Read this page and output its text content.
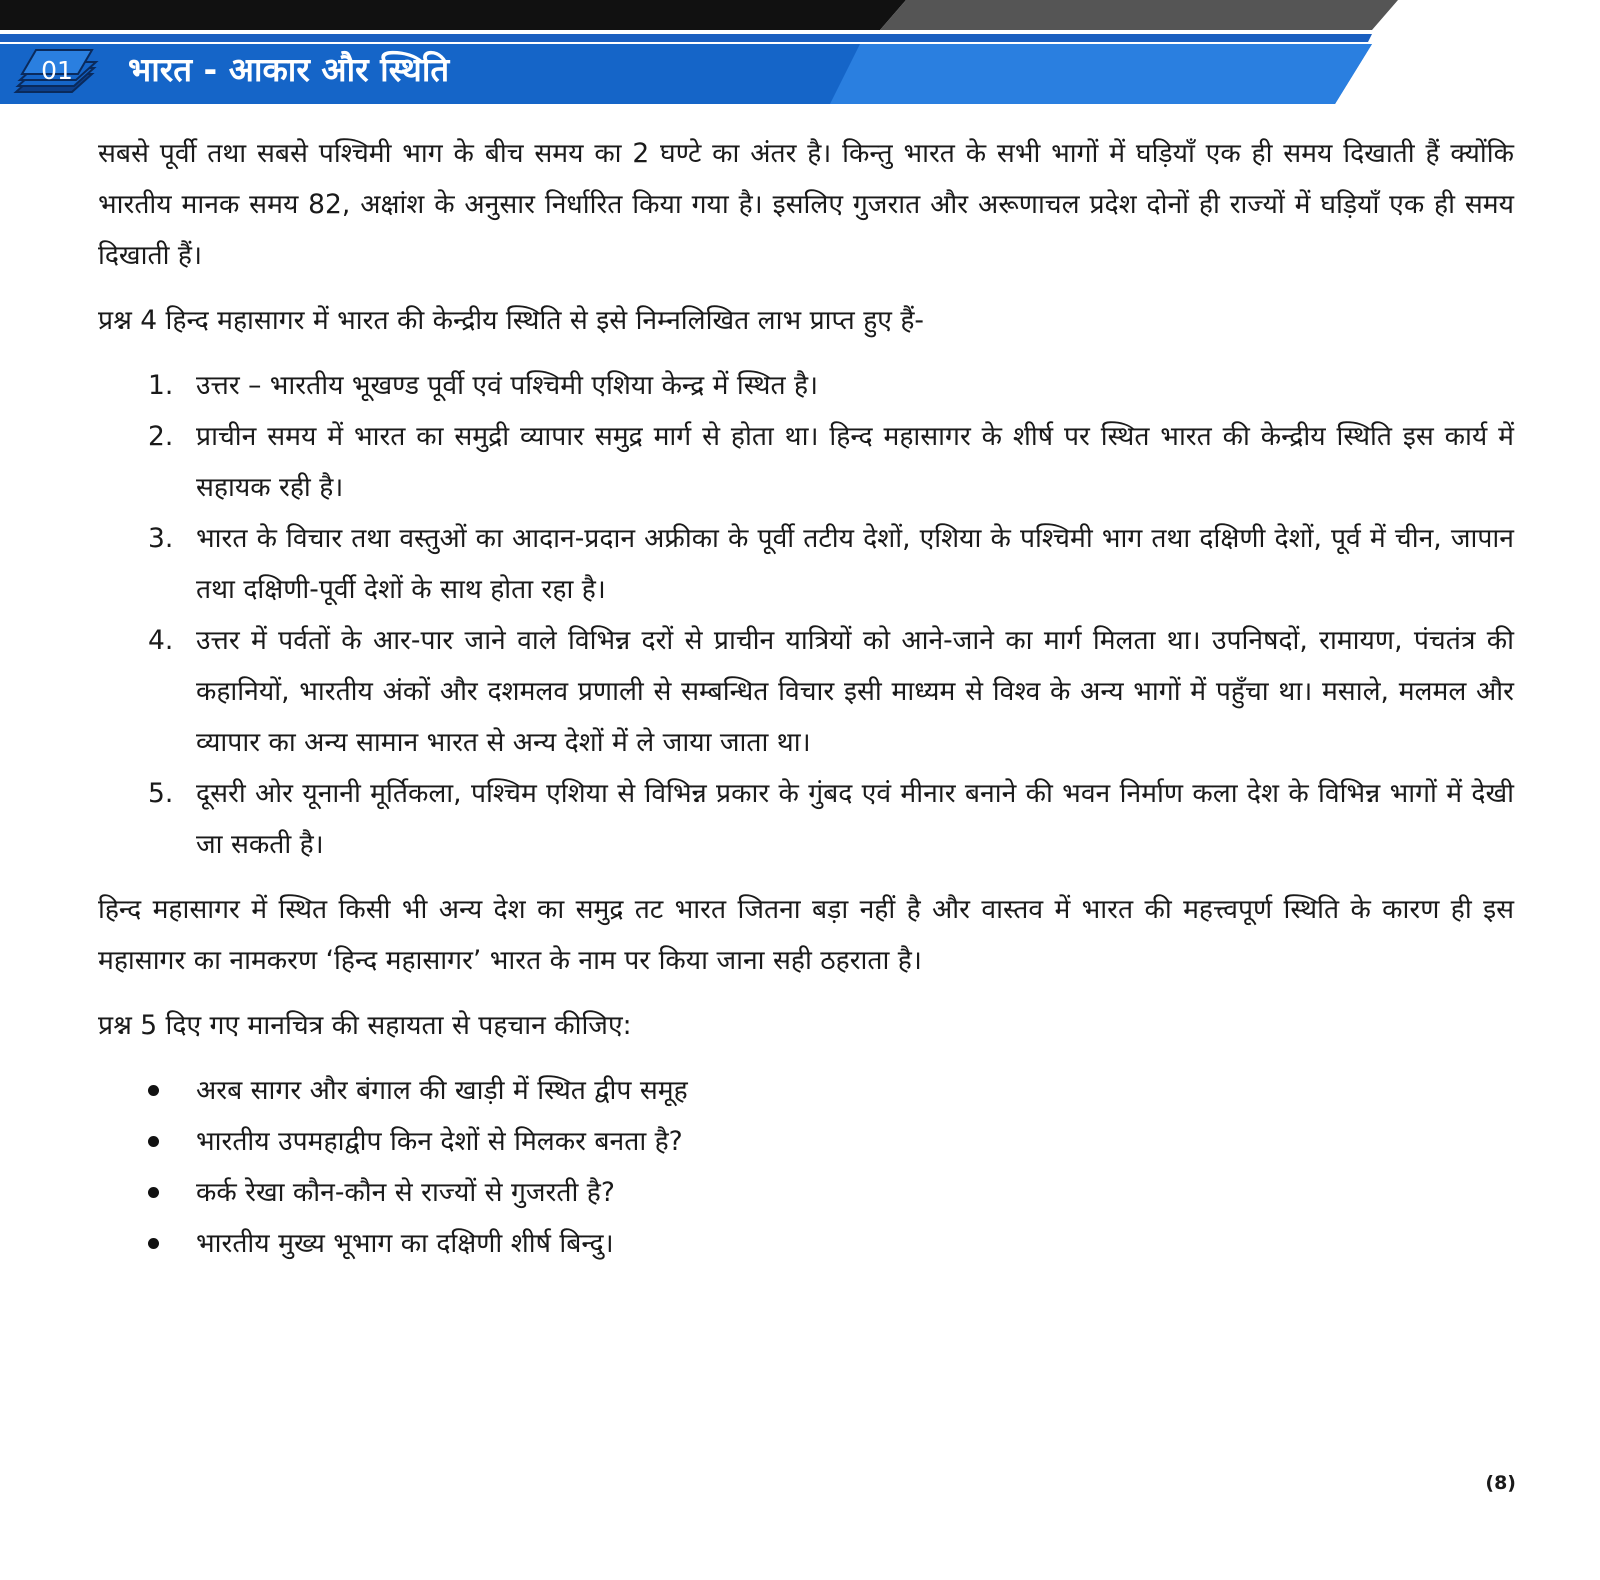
01	भारत - आकार और स्थिति

सबसे पूर्वी तथा सबसे पश्चिमी भाग के बीच समय का 2 घण्टे का अंतर है। किन्तु भारत के सभी भागों में घड़ियाँ एक ही समय दिखाती हैं क्योंकि भारतीय मानक समय 82, अक्षांश के अनुसार निर्धारित किया गया है। इसलिए गुजरात और अरूणाचल प्रदेश दोनों ही राज्यों में घड़ियाँ एक ही समय दिखाती हैं।

प्रश्न 4 हिन्द महासागर में भारत की केन्द्रीय स्थिति से इसे निम्नलिखित लाभ प्राप्त हुए हैं-

1. उत्तर – भारतीय भूखण्ड पूर्वी एवं पश्चिमी एशिया केन्द्र में स्थित है।
2. प्राचीन समय में भारत का समुद्री व्यापार समुद्र मार्ग से होता था। हिन्द महासागर के शीर्ष पर स्थित भारत की केन्द्रीय स्थिति इस कार्य में सहायक रही है।
3. भारत के विचार तथा वस्तुओं का आदान-प्रदान अफ्रीका के पूर्वी तटीय देशों, एशिया के पश्चिमी भाग तथा दक्षिणी देशों, पूर्व में चीन, जापान तथा दक्षिणी-पूर्वी देशों के साथ होता रहा है।
4. उत्तर में पर्वतों के आर-पार जाने वाले विभिन्न दरों से प्राचीन यात्रियों को आने-जाने का मार्ग मिलता था। उपनिषदों, रामायण, पंचतंत्र की कहानियों, भारतीय अंकों और दशमलव प्रणाली से सम्बन्धित विचार इसी माध्यम से विश्व के अन्य भागों में पहुँचा था। मसाले, मलमल और व्यापार का अन्य सामान भारत से अन्य देशों में ले जाया जाता था।
5. दूसरी ओर यूनानी मूर्तिकला, पश्चिम एशिया से विभिन्न प्रकार के गुंबद एवं मीनार बनाने की भवन निर्माण कला देश के विभिन्न भागों में देखी जा सकती है।

हिन्द महासागर में स्थित किसी भी अन्य देश का समुद्र तट भारत जितना बड़ा नहीं है और वास्तव में भारत की महत्त्वपूर्ण स्थिति के कारण ही इस महासागर का नामकरण ‘हिन्द महासागर’ भारत के नाम पर किया जाना सही ठहराता है।

प्रश्न 5 दिए गए मानचित्र की सहायता से पहचान कीजिए:

अरब सागर और बंगाल की खाड़ी में स्थित द्वीप समूह
भारतीय उपमहाद्वीप किन देशों से मिलकर बनता है?
कर्क रेखा कौन-कौन से राज्यों से गुजरती है?
भारतीय मुख्य भूभाग का दक्षिणी शीर्ष बिन्दु।
(8)
